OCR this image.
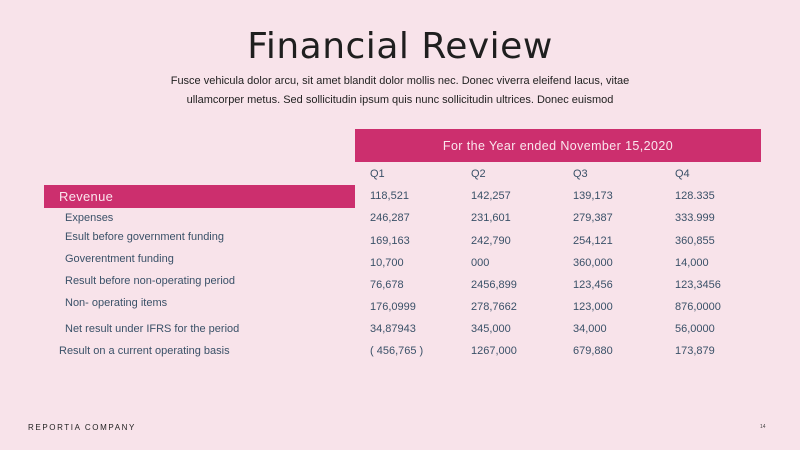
Financial Review
Fusce vehicula dolor arcu, sit amet blandit dolor mollis nec. Donec viverra eleifend lacus, vitae
ullamcorper metus. Sed sollicitudin ipsum quis nunc sollicitudin ultrices. Donec euismod
For the Year ended November 15,2020
Q1	Q2	Q3	Q4
Revenue	118,521	142,257	139,173	128.335
Expenses	246,287	231,601	279,387	333.999
Esult before government funding	169,163	242,790	254,121	360,855
Goverentment funding	10,700	000	360,000	14,000
Result before non-operating period	76,678	2456,899	123,456	123,3456
Non- operating items	176,0999	278,7662	123,000	876,0000
Net result under IFRS for the period	34,87943	345,000	34,000	56,0000
Result on a current operating basis	( 456,765 )	1267,000	679,880	173,879
REPORTIA COMPANY	14
